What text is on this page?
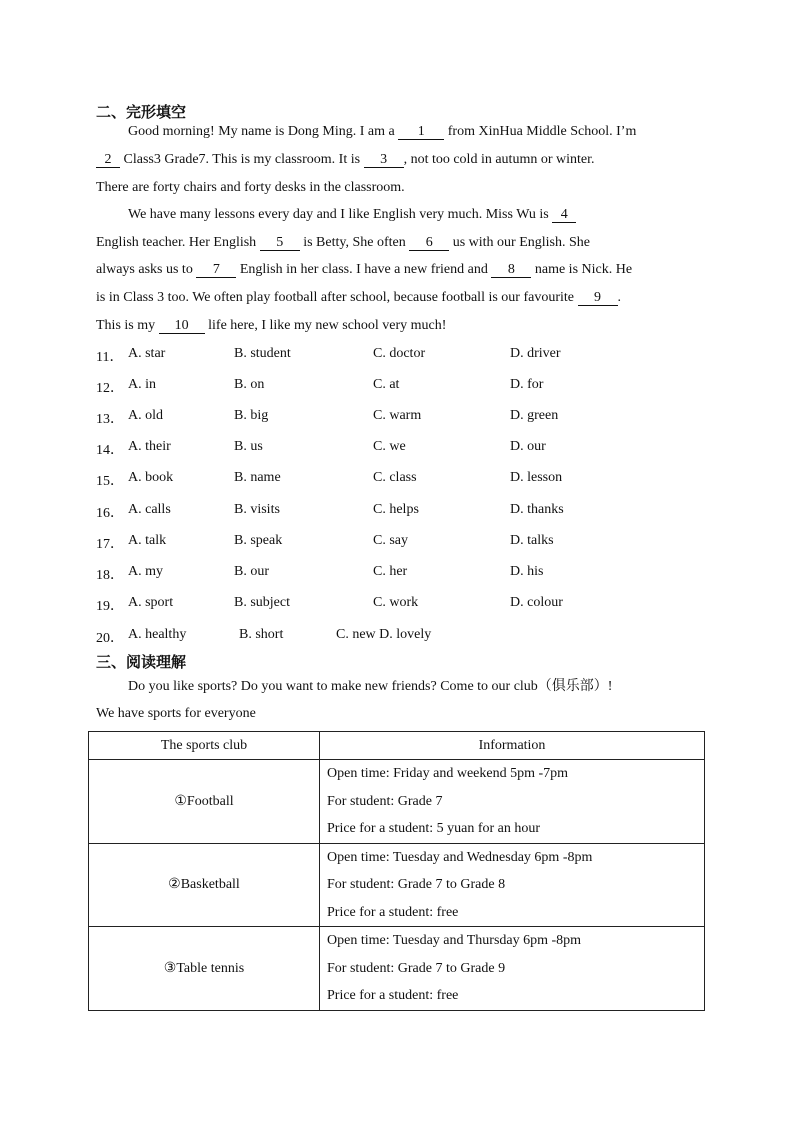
二、完形填空
Good morning! My name is Dong Ming. I am a 1 from XinHua Middle School. I’m
2 Class3 Grade7. This is my classroom. It is 3 , not too cold in autumn or winter.
There are forty chairs and forty desks in the classroom.
We have many lessons every day and I like English very much. Miss Wu is 4
English teacher. Her English 5 is Betty, She often 6 us with our English. She
always asks us to 7 English in her class. I have a new friend and 8 name is Nick. He
is in Class 3 too. We often play football after school, because football is our favourite 9 .
This is my 10 life here, I like my new school very much!
11． A. star	B. student	C. doctor	D. driver
12． A. in	B. on	C. at	D. for
13． A. old	B. big	C. warm	D. green
14． A. their	B. us	C. we	D. our
15． A. book	B. name	C. class	D. lesson
16． A. calls	B. visits	C. helps	D. thanks
17． A. talk	B. speak	C. say	D. talks
18． A. my	B. our	C. her	D. his
19． A. sport	B. subject	C. work	D. colour
20． A. healthy	B. short	C. new D. lovely
三、阅读理解
Do you like sports? Do you want to make new friends? Come to our club（俱乐部）!
We have sports for everyone
The sports club	Information
①Football	Open time: Friday and weekend 5pm -7pm
For student: Grade 7
Price for a student: 5 yuan for an hour

②Basketball	Open time: Tuesday and Wednesday 6pm -8pm
For student: Grade 7 to Grade 8
Price for a student: free

③Table tennis	Open time: Tuesday and Thursday 6pm -8pm
For student: Grade 7 to Grade 9
Price for a student: free
